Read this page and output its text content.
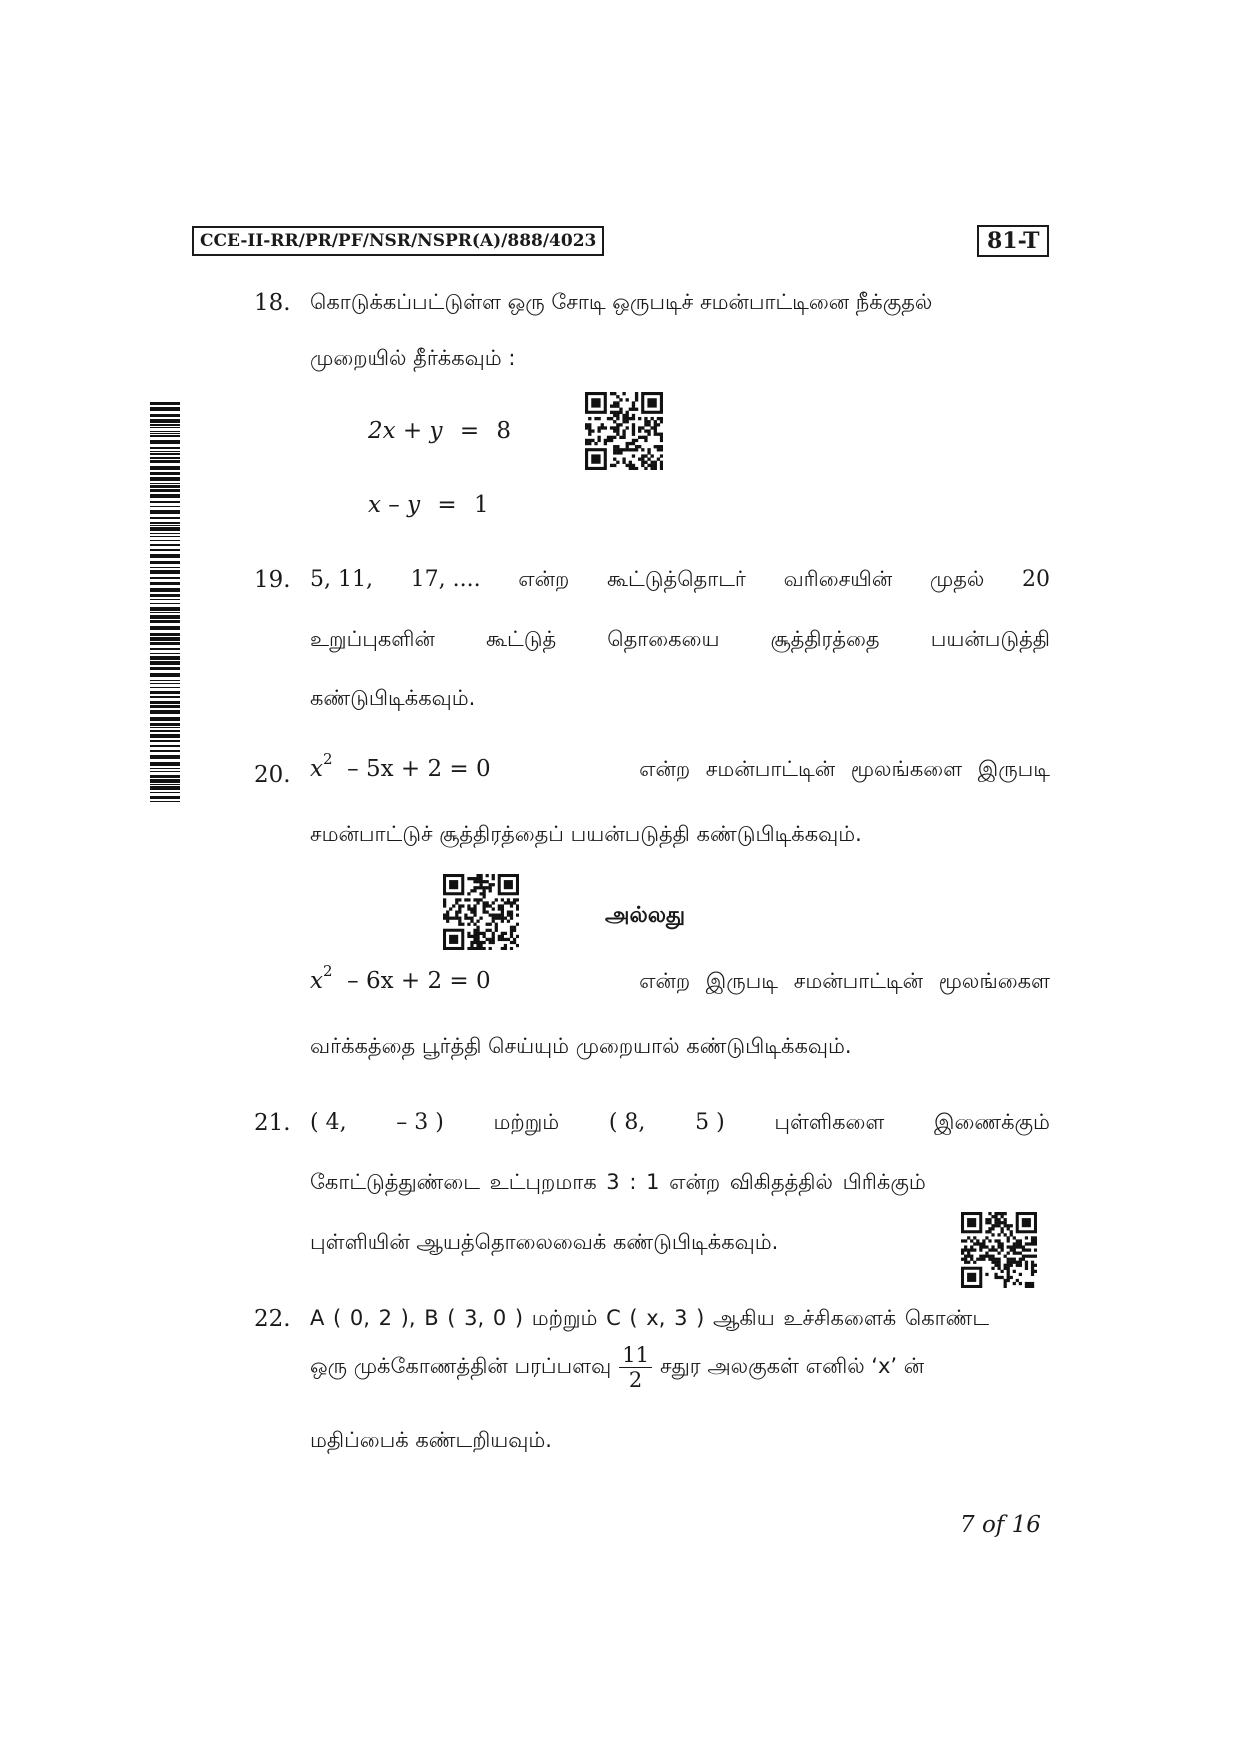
CCE-II-RR/PR/PF/NSR/NSPR(A)/888/4023	81-T
18. கொடுக்கப்பட்டுள்ள ஒரு சோடி ஒருபடிச் சமன்பாட்டினை நீக்குதல்
முறையில் தீர்க்கவும் :
2x + y = 8
x – y = 1
19. 5, 11, 17, .... என்ற கூட்டுத்தொடர் வரிசையின் முதல் 20
உறுப்புகளின் கூட்டுத் தொகையை சூத்திரத்தை பயன்படுத்தி
கண்டுபிடிக்கவும்.
20. $x^2 - 5x + 2 = 0$	என்ற சமன்பாட்டின் மூலங்களை இருபடி
சமன்பாட்டுச் சூத்திரத்தைப் பயன்படுத்தி கண்டுபிடிக்கவும்.
அல்லது
$x^2 - 6x + 2 = 0$	என்ற இருபடி சமன்பாட்டின் மூலங்கைள
வர்க்கத்தை பூர்த்தி செய்யும் முறையால் கண்டுபிடிக்கவும்.
21. ( 4, – 3 ) மற்றும் ( 8, 5 ) புள்ளிகளை இணைக்கும்
கோட்டுத்துண்டை உட்புறமாக 3 : 1 என்ற விகிதத்தில் பிரிக்கும்
புள்ளியின் ஆயத்தொலைவைக் கண்டுபிடிக்கவும்.
22. A ( 0, 2 ), B ( 3, 0 ) மற்றும் C ( x, 3 ) ஆகிய உச்சிகளைக் கொண்ட
ஒரு முக்கோணத்தின் பரப்பளவு $\frac{11}{2}$ சதுர அலகுகள் எனில் ‘x’ ன்
மதிப்பைக் கண்டறியவும்.
7 of 16
